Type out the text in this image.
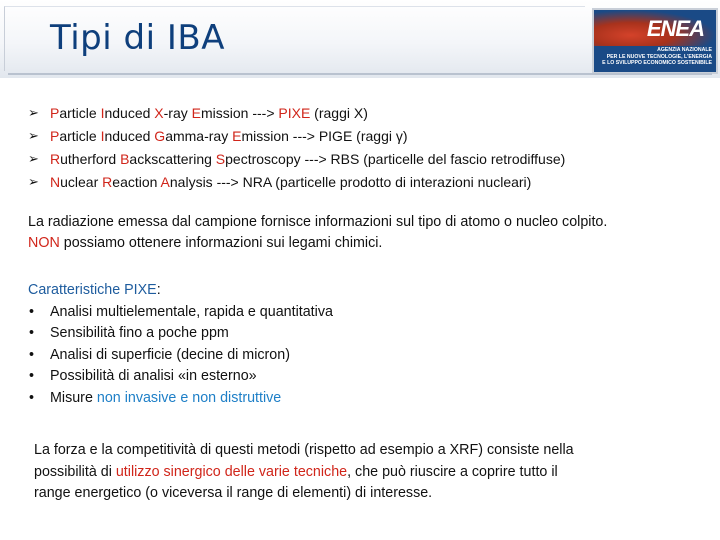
Tipi di IBA	ENEA
AGENZIA NAZIONALE
PER LE NUOVE TECNOLOGIE, L'ENERGIA
E LO SVILUPPO ECONOMICO SOSTENIBILE
➢ Particle Induced X-ray Emission ---> PIXE (raggi X)
➢ Particle Induced Gamma-ray Emission ---> PIGE (raggi γ)
➢ Rutherford Backscattering Spectroscopy ---> RBS (particelle del fascio retrodiffuse)
➢ Nuclear Reaction Analysis ---> NRA (particelle prodotto di interazioni nucleari)
La radiazione emessa dal campione fornisce informazioni sul tipo di atomo o nucleo colpito.
NON possiamo ottenere informazioni sui legami chimici.
Caratteristiche PIXE:
• Analisi multielementale, rapida e quantitativa
• Sensibilità fino a poche ppm
• Analisi di superficie (decine di micron)
• Possibilità di analisi «in esterno»
• Misure non invasive e non distruttive
La forza e la competitività di questi metodi (rispetto ad esempio a XRF) consiste nella
possibilità di utilizzo sinergico delle varie tecniche, che può riuscire a coprire tutto il
range energetico (o viceversa il range di elementi) di interesse.
